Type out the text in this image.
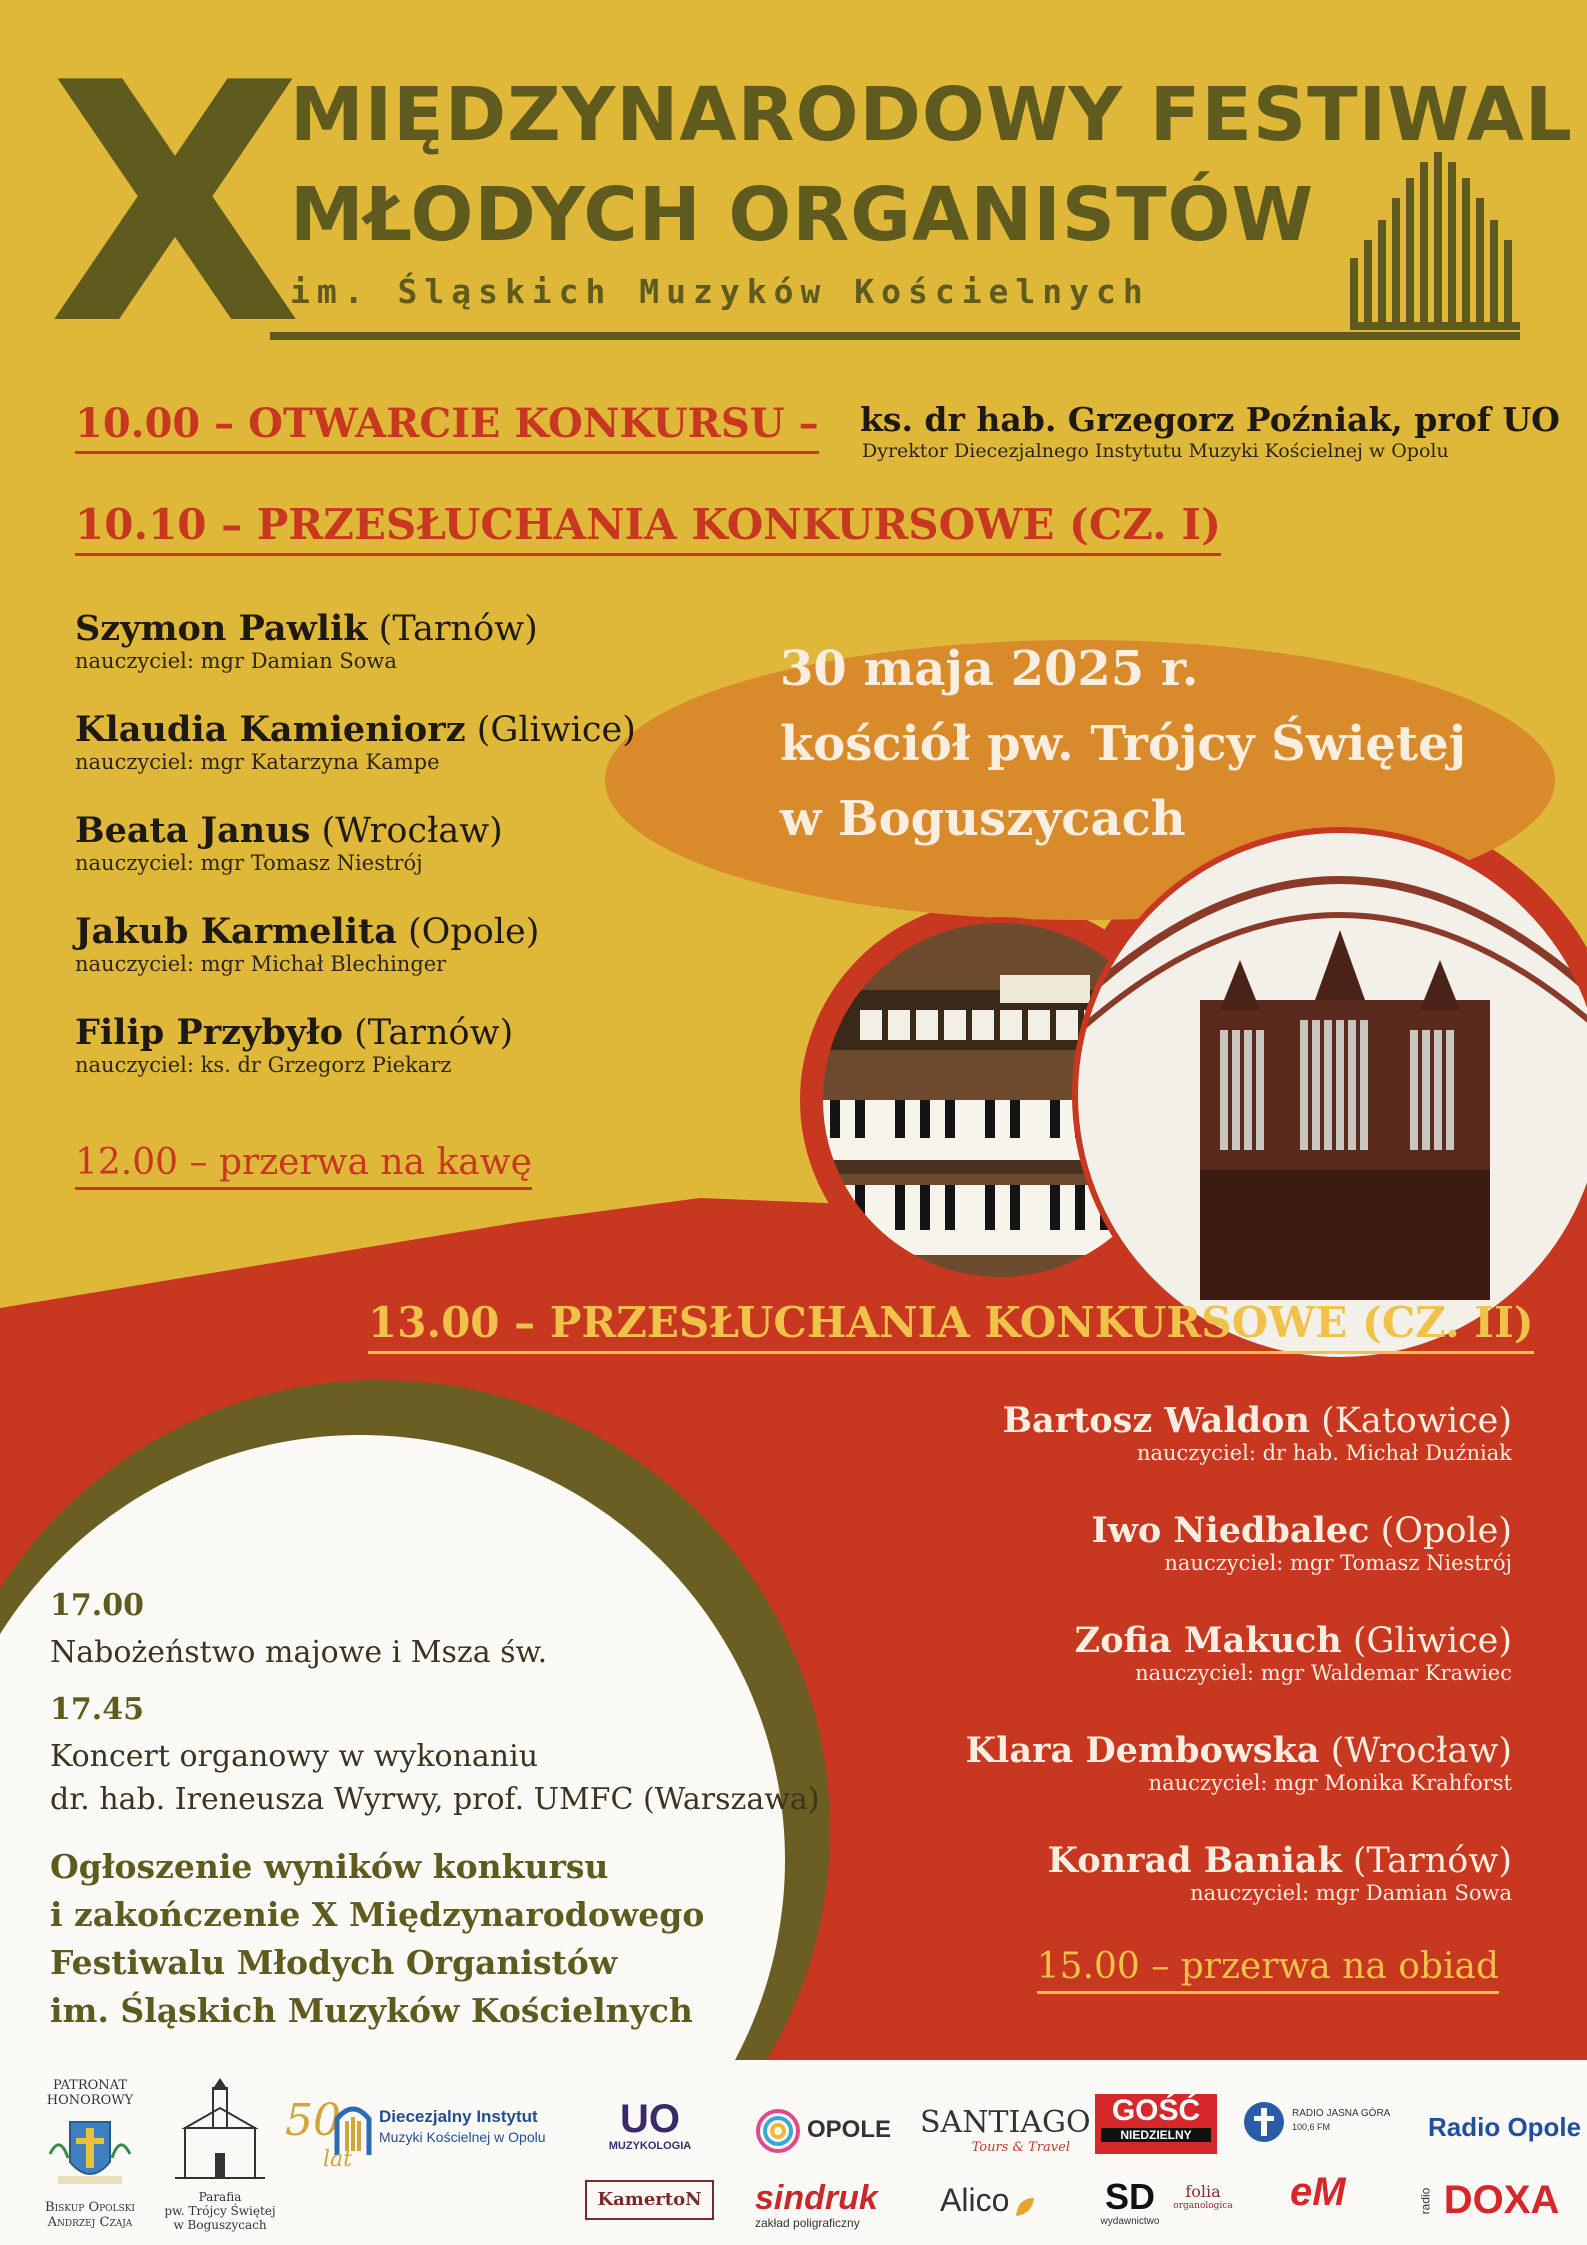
X
MIĘDZYNARODOWY FESTIWAL
MŁODYCH ORGANISTÓW
im. Śląskich Muzyków Kościelnych
10.00 – OTWARCIE KONKURSU – ks. dr hab. Grzegorz Poźniak, prof UO
Dyrektor Diecezjalnego Instytutu Muzyki Kościelnej w Opolu
10.10 – PRZESŁUCHANIA KONKURSOWE (CZ. I)
Szymon Pawlik (Tarnów)
nauczyciel: mgr Damian Sowa
Klaudia Kamieniorz (Gliwice)
nauczyciel: mgr Katarzyna Kampe
Beata Janus (Wrocław)
nauczyciel: mgr Tomasz Niestrój
Jakub Karmelita (Opole)
nauczyciel: mgr Michał Blechinger
Filip Przybyło (Tarnów)
nauczyciel: ks. dr Grzegorz Piekarz
12.00 – przerwa na kawę
30 maja 2025 r.
kościół pw. Trójcy Świętej
w Boguszycach
13.00 – PRZESŁUCHANIA KONKURSOWE (CZ. II)
Bartosz Waldon (Katowice)
nauczyciel: dr hab. Michał Duźniak
Iwo Niedbalec (Opole)
nauczyciel: mgr Tomasz Niestrój
Zofia Makuch (Gliwice)
nauczyciel: mgr Waldemar Krawiec
Klara Dembowska (Wrocław)
nauczyciel: mgr Monika Krahforst
Konrad Baniak (Tarnów)
nauczyciel: mgr Damian Sowa
15.00 – przerwa na obiad
17.00
Nabożeństwo majowe i Msza św.
17.45
Koncert organowy w wykonaniu
dr. hab. Ireneusza Wyrwy, prof. UMFC (Warszawa)
Ogłoszenie wyników konkursu
i zakończenie X Międzynarodowego
Festiwalu Młodych Organistów
im. Śląskich Muzyków Kościelnych
PATRONAT
HONOROWY
Biskup Opolski
Andrzej Czaja
Parafia
pw. Trójcy Świętej
w Boguszycach
50
lat
Diecezjalny Instytut
Muzyki Kościelnej w Opolu	UO
MUZYKOLOGIA
KamertoN
OPOLE
sindruk
zakład poligraficzny
SANTIAGO
Tours & Travel
Alico
GOŚĆ
NIEDZIELNY
SD
wydawnictwo
folia
organologica
RADIO JASNA GÓRA
100,6 FM
eM
Radio Opole
radio DOXA
